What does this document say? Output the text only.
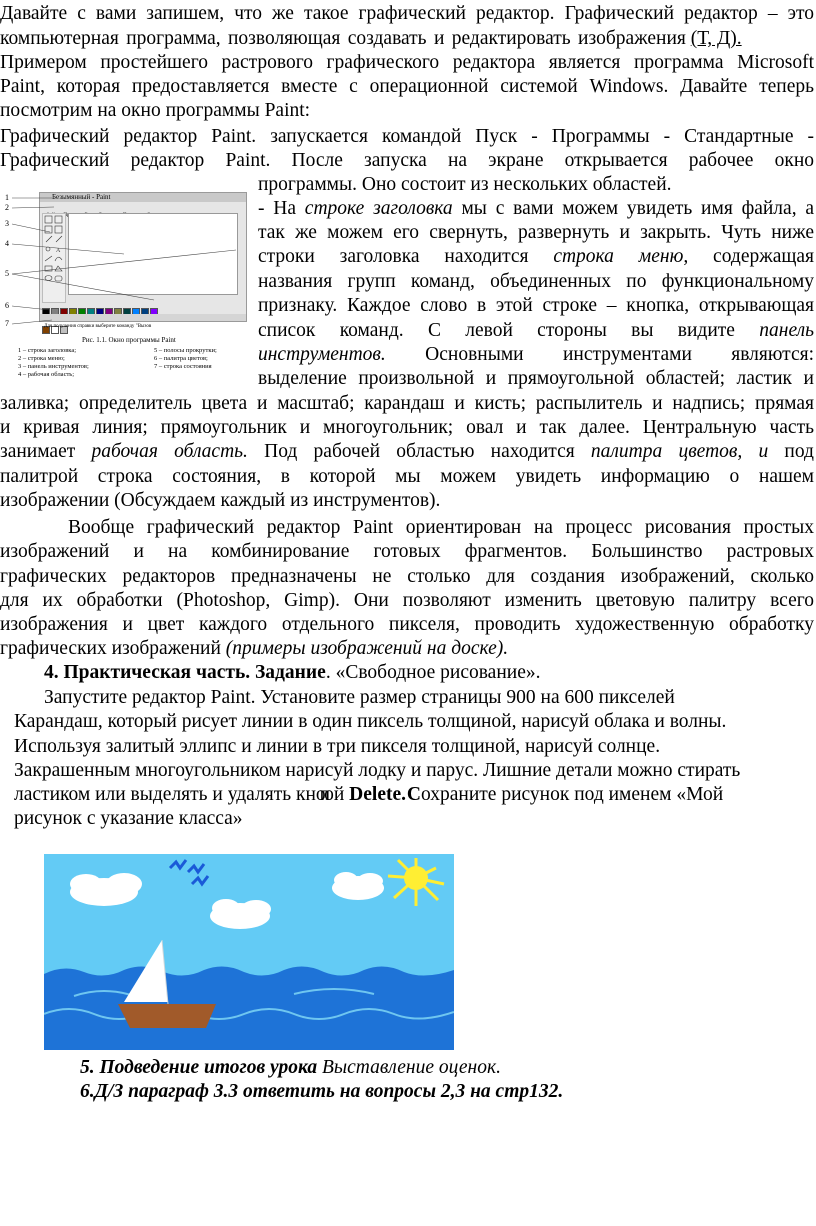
Давайте с вами запишем, что же такое графический редактор. Графический редактор – это
компьютерная программа, позволяющая создавать и редактировать изображения (Т, Д).
Примером простейшего растрового графического редактора является программа Microsoft
Paint, которая предоставляется вместе с операционной системой Windows. Давайте теперь
посмотрим на окно программы Paint:
Графический редактор Paint. запускается командой Пуск - Программы - Стандартные -
Графический редактор Paint. После запуска на экране открывается рабочее окно
программы. Оно состоит из нескольких областей.
Безымянный - Paint
A
Для получения справки выберите команду "Вызов
1
2
3
4
5
6
7
Рис. 1.1. Окно программы Paint
1 – строка заголовка;
2 – строка меню;
3 – панель инструментов;
4 – рабочая область;
5 – полосы прокрутки;
6 – палитра цветов;
7 – строка состояния
- На строке заголовка мы с вами можем увидеть имя файла, а
так же можем его свернуть, развернуть и закрыть. Чуть ниже
строки заголовка находится строка меню, содержащая
названия групп команд, объединенных по функциональному
признаку. Каждое слово в этой строке – кнопка, открывающая
список команд. С левой стороны вы видите панель
инструментов. Основными инструментами являются:
выделение произвольной и прямоугольной областей; ластик и
заливка; определитель цвета и масштаб; карандаш и кисть; распылитель и надпись; прямая
и кривая линия; прямоугольник и многоугольник; овал и так далее. Центральную часть
занимает рабочая область. Под рабочей областью находится палитра цветов, и под
палитрой строка состояния, в которой мы можем увидеть информацию о нашем
изображении (Обсуждаем каждый из инструментов).
Вообще графический редактор Paint ориентирован на процесс рисования простых
изображений и на комбинирование готовых фрагментов. Большинство растровых
графических редакторов предназначены не столько для создания изображений, сколько
для их обработки (Photoshop, Gimp). Они позволяют изменить цветовую палитру всего
изображения и цвет каждого отдельного пикселя, проводить художественную обработку
графических изображений (примеры изображений на доске).
4. Практическая часть. Задание. «Свободное рисование».
Запустите редактор Paint. Установите размер страницы 900 на 600 пикселей
Карандаш, который рисует линии в один пиксель толщиной, нарисуй облака и волны.
Используя залитый эллипс и линии в три пикселя толщиной, нарисуй солнце.
Закрашенным многоугольником нарисуй лодку и парус. Лишние детали можно стирать
ластиком или выделять и удалять кнопой Delete. Сохраните рисунок под именем «Мой
рисунок с указание класса»
5. Подведение итогов урока Выставление оценок.
6.Д/З параграф 3.3 ответить на вопросы 2,3 на стр132.
